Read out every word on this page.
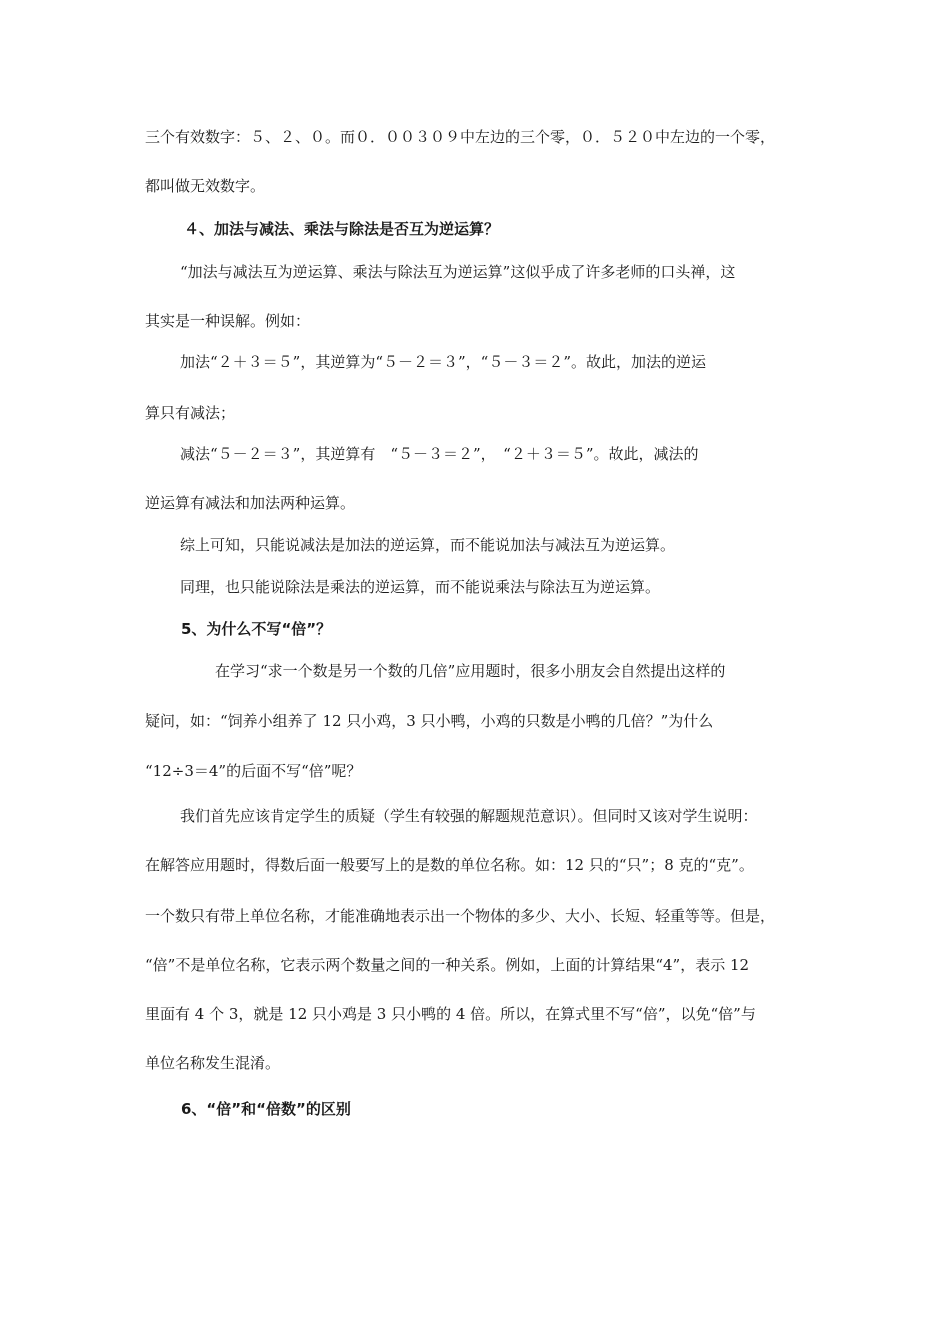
三个有效数字：５、２、０。而０．００３０９中左边的三个零，０．５２０中左边的一个零，
都叫做无效数字。
４、加法与减法、乘法与除法是否互为逆运算？
“加法与减法互为逆运算、乘法与除法互为逆运算”这似乎成了许多老师的口头禅，这
其实是一种误解。例如：
加法“２＋３＝５”，其逆算为“５－２＝３”，“５－３＝２”。故此，加法的逆运
算只有减法；
减法“５－２＝３”，其逆算有　“５－３＝２”，　“２＋３＝５”。故此，减法的
逆运算有减法和加法两种运算。
综上可知，只能说减法是加法的逆运算，而不能说加法与减法互为逆运算。
同理，也只能说除法是乘法的逆运算，而不能说乘法与除法互为逆运算。
5、为什么不写“倍”？
在学习“求一个数是另一个数的几倍”应用题时，很多小朋友会自然提出这样的
疑问，如：“饲养小组养了 12 只小鸡，3 只小鸭，小鸡的只数是小鸭的几倍？”为什么
“12÷3＝4”的后面不写“倍”呢？
我们首先应该肯定学生的质疑（学生有较强的解题规范意识）。但同时又该对学生说明：
在解答应用题时，得数后面一般要写上的是数的单位名称。如：12 只的“只”；8 克的“克”。
一个数只有带上单位名称，才能准确地表示出一个物体的多少、大小、长短、轻重等等。但是，
“倍”不是单位名称，它表示两个数量之间的一种关系。例如，上面的计算结果“4”，表示 12
里面有 4 个 3，就是 12 只小鸡是 3 只小鸭的 4 倍。所以，在算式里不写“倍”，以免“倍”与
单位名称发生混淆。
6、“倍”和“倍数”的区别
